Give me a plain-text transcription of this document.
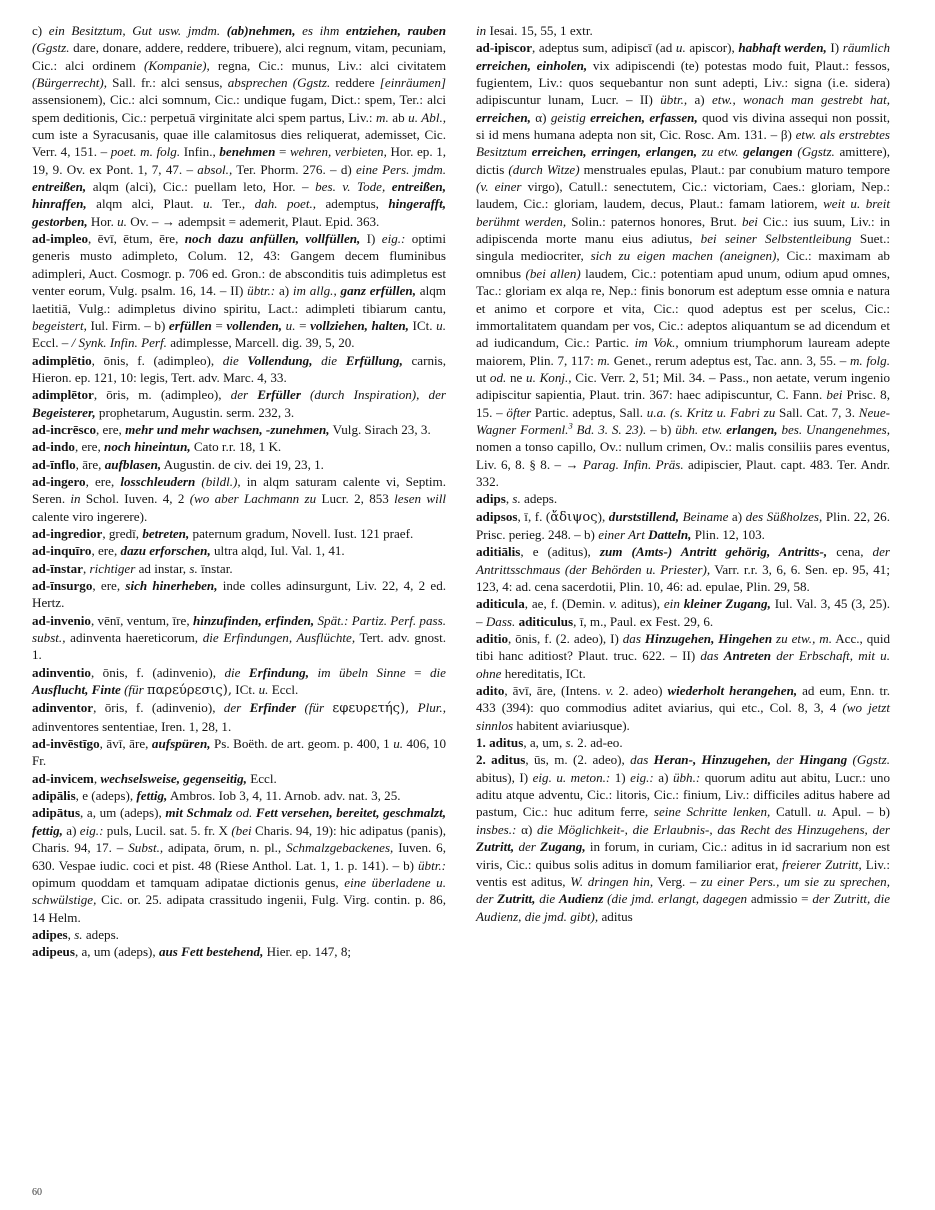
c) ein Besitztum, Gut usw. jmdm. (ab)nehmen, es ihm entziehen, rauben (Ggstz. dare, donare, addere, reddere, tribuere), alci regnum, vitam, pecuniam, Cic.: alci ordinem (Kompanie), regna, Cic.: munus, Liv.: alci civitatem (Bürgerrecht), Sall. fr.: alci sensus, absprechen (Ggstz. reddere [einräumen] assensionem), Cic.: alci somnum, Cic.: undique fugam, Dict.: spem, Ter.: alci spem deditionis, Cic.: perpetuā virginitate alci spem partus, Liv.: m. ab u. Abl., cum iste a Syracusanis, quae ille calamitosus dies reliquerat, ademisset, Cic. Verr. 4, 151. – poet. m. folg. Infin., benehmen = wehren, verbieten, Hor. ep. 1, 19, 9. Ov. ex Pont. 1, 7, 47. – absol., Ter. Phorm. 276. – d) eine Pers. jmdm. entreißen, alqm (alci), Cic.: puellam leto, Hor. – bes. v. Tode, entreißen, hinraffen, alqm alci, Plaut. u. Ter., dah. poet., ademptus, hingerafft, gestorben, Hor. u. Ov. – → adempsit = ademerit, Plaut. Epid. 363.

ad-impleo, ēvī, ētum, ēre, noch dazu anfüllen, vollfüllen, I) eig.: optimi generis musto adimpleto, Colum. 12, 43: Gangem decem fluminibus adimpleri, Auct. Cosmogr. p. 706 ed. Gron.: de absconditis tuis adimpletus est venter eorum, Vulg. psalm. 16, 14. – II) übtr.: a) im allg., ganz erfüllen, alqm laetitiā, Vulg.: adimpletus divino spiritu, Lact.: adimpleti tibiarum cantu, begeistert, Iul. Firm. – b) erfüllen = vollenden, u. = vollziehen, halten, ICt. u. Eccl. – / Synk. Infin. Perf. adimplesse, Marcell. dig. 39, 5, 20.

adimplētio, ōnis, f. (adimpleo), die Vollendung, die Erfüllung, carnis, Hieron. ep. 121, 10: legis, Tert. adv. Marc. 4, 33.

adimplētor, ōris, m. (adimpleo), der Erfüller (durch Inspiration), der Begeisterer, prophetarum, Augustin. serm. 232, 3.

ad-incrēsco, ere, mehr und mehr wachsen, -zunehmen, Vulg. Sirach 23, 3.

ad-indo, ere, noch hineintun, Cato r.r. 18, 1 K.

ad-īnflo, āre, aufblasen, Augustin. de civ. dei 19, 23, 1.

ad-ingero, ere, losschleudern (bildl.), in alqm saturam calente vi, Septim. Seren. in Schol. Iuven. 4, 2 (wo aber Lachmann zu Lucr. 2, 853 lesen will calente viro ingerere).

ad-ingredior, gredī, betreten, paternum gradum, Novell. Iust. 121 praef.

ad-inquīro, ere, dazu erforschen, ultra alqd, Iul. Val. 1, 41.

ad-īnstar, richtiger ad instar, s. īnstar.

ad-īnsurgo, ere, sich hinerheben, inde colles adinsurgunt, Liv. 22, 4, 2 ed. Hertz.

ad-invenio, vēnī, ventum, īre, hinzufinden, erfinden, Spät.: Partiz. Perf. pass. subst., adinventa haereticorum, die Erfindungen, Ausflüchte, Tert. adv. gnost. 1.

adinventio, ōnis, f. (adinvenio), die Erfindung, im übeln Sinne = die Ausflucht, Finte (für παρεύρεσις), ICt. u. Eccl.

adinventor, ōris, f. (adinvenio), der Erfinder (für εφευρετής), Plur., adinventores sententiae, Iren. 1, 28, 1.

ad-invēstīgo, āvī, āre, aufspüren, Ps. Boëth. de art. geom. p. 400, 1 u. 406, 10 Fr.

ad-invicem, wechselsweise, gegenseitig, Eccl.

adipālis, e (adeps), fettig, Ambros. Iob 3, 4, 11. Arnob. adv. nat. 3, 25.

adipātus, a, um (adeps), mit Schmalz od. Fett versehen, bereitet, geschmalzt, fettig, a) eig.: puls, Lucil. sat. 5. fr. X (bei Charis. 94, 19): hic adipatus (panis), Charis. 94, 17. – Subst., adipata, ōrum, n. pl., Schmalzgebackenes, Iuven. 6, 630. Vespae iudic. coci et pist. 48 (Riese Anthol. Lat. 1, 1. p. 141). – b) übtr.: opimum quoddam et tamquam adipatae dictionis genus, eine überladene u. schwülstige, Cic. or. 25. adipata crassitudo ingenii, Fulg. Virg. contin. p. 86, 14 Helm.

adipes, s. adeps.

adipeus, a, um (adeps), aus Fett bestehend, Hier. ep. 147, 8;

in Iesai. 15, 55, 1 extr.

ad-ipiscor, adeptus sum, adipiscī (ad u. apiscor), habhaft werden, I) räumlich erreichen, einholen, vix adipiscendi (te) potestas modo fuit, Plaut.: fessos, fugientem, Liv.: quos sequebantur non sunt adepti, Liv.: signa (i.e. sidera) adipiscuntur lunam, Lucr. – II) übtr., a) etw., wonach man gestrebt hat, erreichen, α) geistig erreichen, erfassen, quod vis divina assequi non possit, si id mens humana adepta non sit, Cic. Rosc. Am. 131. – β) etw. als erstrebtes Besitztum erreichen, erringen, erlangen, zu etw. gelangen (Ggstz. amittere), dictis (durch Witze) menstruales epulas, Plaut.: par conubium maturo tempore (v. einer virgo), Catull.: senectutem, Cic.: victoriam, Caes.: gloriam, Nep.: laudem, Cic.: gloriam, laudem, decus, Plaut.: famam latiorem, weit u. breit berühmt werden, Solin.: paternos honores, Brut. bei Cic.: ius suum, Liv.: in adipiscenda morte manu eius adiutus, bei seiner Selbstentleibung Suet.: singula mediocriter, sich zu eigen machen (aneignen), Cic.: maximam ab omnibus (bei allen) laudem, Cic.: potentiam apud unum, odium apud omnes, Tac.: gloriam ex alqa re, Nep.: finis bonorum est adeptum esse omnia e natura et animo et corpore et vita, Cic.: quod adeptus est per scelus, Cic.: immortalitatem quandam per vos, Cic.: adeptos aliquantum se ad dicendum et ad iudicandum, Cic.: Partic. im Vok., omnium triumphorum lauream adepte maiorem, Plin. 7, 117: m. Genet., rerum adeptus est, Tac. ann. 3, 55. – m. folg. ut od. ne u. Konj., Cic. Verr. 2, 51; Mil. 34. – Pass., non aetate, verum ingenio adipiscitur sapientia, Plaut. trin. 367: haec adipiscuntur, C. Fann. bei Prisc. 8, 15. – öfter Partic. adeptus, Sall. u.a. (s. Kritz u. Fabri zu Sall. Cat. 7, 3. Neue-Wagner Formenl.$^3$ Bd. 3. S. 23). – b) übh. etw. erlangen, bes. Unangenehmes, nomen a tonso capillo, Ov.: nullum crimen, Ov.: malis consiliis pares eventus, Liv. 6, 8. § 8. – → Parag. Infin. Präs. adipiscier, Plaut. capt. 483. Ter. Andr. 332.

adips, s. adeps.

adipsos, ī, f. (ἄδιψος), durststillend, Beiname a) des Süßholzes, Plin. 22, 26. Prisc. perieg. 248. – b) einer Art Datteln, Plin. 12, 103.

aditiālis, e (aditus), zum (Amts-) Antritt gehörig, Antritts-, cena, der Antrittsschmaus (der Behörden u. Priester), Varr. r.r. 3, 6, 6. Sen. ep. 95, 41; 123, 4: ad. cena sacerdotii, Plin. 10, 46: ad. epulae, Plin. 29, 58.

aditicula, ae, f. (Demin. v. aditus), ein kleiner Zugang, Iul. Val. 3, 45 (3, 25). – Dass. aditiculus, ī, m., Paul. ex Fest. 29, 6.

aditio, ōnis, f. (2. adeo), I) das Hinzugehen, Hingehen zu etw., m. Acc., quid tibi hanc aditiost? Plaut. truc. 622. – II) das Antreten der Erbschaft, mit u. ohne hereditatis, ICt.

adito, āvī, āre, (Intens. v. 2. adeo) wiederholt herangehen, ad eum, Enn. tr. 433 (394): quo commodius aditet aviarius, qui etc., Col. 8, 3, 4 (wo jetzt sinnlos habitent aviariusque).

1. aditus, a, um, s. 2. ad-eo.

2. aditus, ūs, m. (2. adeo), das Heran-, Hinzugehen, der Hingang (Ggstz. abitus), I) eig. u. meton.: 1) eig.: a) übh.: quorum aditu aut abitu, Lucr.: uno aditu atque adventu, Cic.: litoris, Cic.: finium, Liv.: difficiles aditus habere ad pastum, Cic.: huc aditum ferre, seine Schritte lenken, Catull. u. Apul. – b) insbes.: α) die Möglichkeit-, die Erlaubnis-, das Recht des Hinzugehens, der Zutritt, der Zugang, in forum, in curiam, Cic.: aditus in id sacrarium non est viris, Cic.: quibus solis aditus in domum familiarior erat, freierer Zutritt, Liv.: ventis est aditus, W. dringen hin, Verg. – zu einer Pers., um sie zu sprechen, der Zutritt, die Audienz (die jmd. erlangt, dagegen admissio = der Zutritt, die Audienz, die jmd. gibt), aditus

60
